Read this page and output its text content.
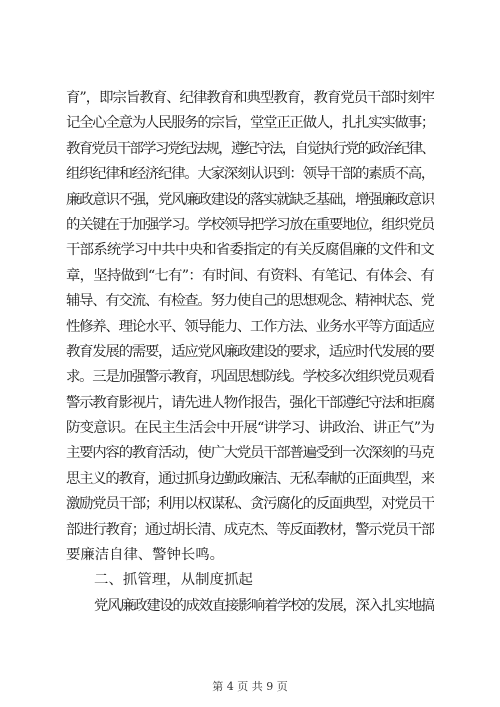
育”，即宗旨教育、纪律教育和典型教育，教育党员干部时刻牢
记全心全意为人民服务的宗旨，堂堂正正做人，扎扎实实做事；
教育党员干部学习党纪法规，遵纪守法，自觉执行党的政治纪律、
组织纪律和经济纪律。大家深刻认识到：领导干部的素质不高，
廉政意识不强，党风廉政建设的落实就缺乏基础，增强廉政意识
的关键在于加强学习。学校领导把学习放在重要地位，组织党员
干部系统学习中共中央和省委指定的有关反腐倡廉的文件和文
章，坚持做到“七有”：有时间、有资料、有笔记、有体会、有
辅导、有交流、有检查。努力使自己的思想观念、精神状态、党
性修养、理论水平、领导能力、工作方法、业务水平等方面适应
教育发展的需要，适应党风廉政建设的要求，适应时代发展的要
求。三是加强警示教育，巩固思想防线。学校多次组织党员观看
警示教育影视片，请先进人物作报告，强化干部遵纪守法和拒腐
防变意识。在民主生活会中开展“讲学习、讲政治、讲正气”为
主要内容的教育活动，使广大党员干部普遍受到一次深刻的马克
思主义的教育，通过抓身边勤政廉洁、无私奉献的正面典型，来
激励党员干部；利用以权谋私、贪污腐化的反面典型，对党员干
部进行教育；通过胡长清、成克杰、等反面教材，警示党员干部
要廉洁自律、警钟长鸣。
二、抓管理，从制度抓起
党风廉政建设的成效直接影响着学校的发展，深入扎实地搞
第 4 页 共 9 页
